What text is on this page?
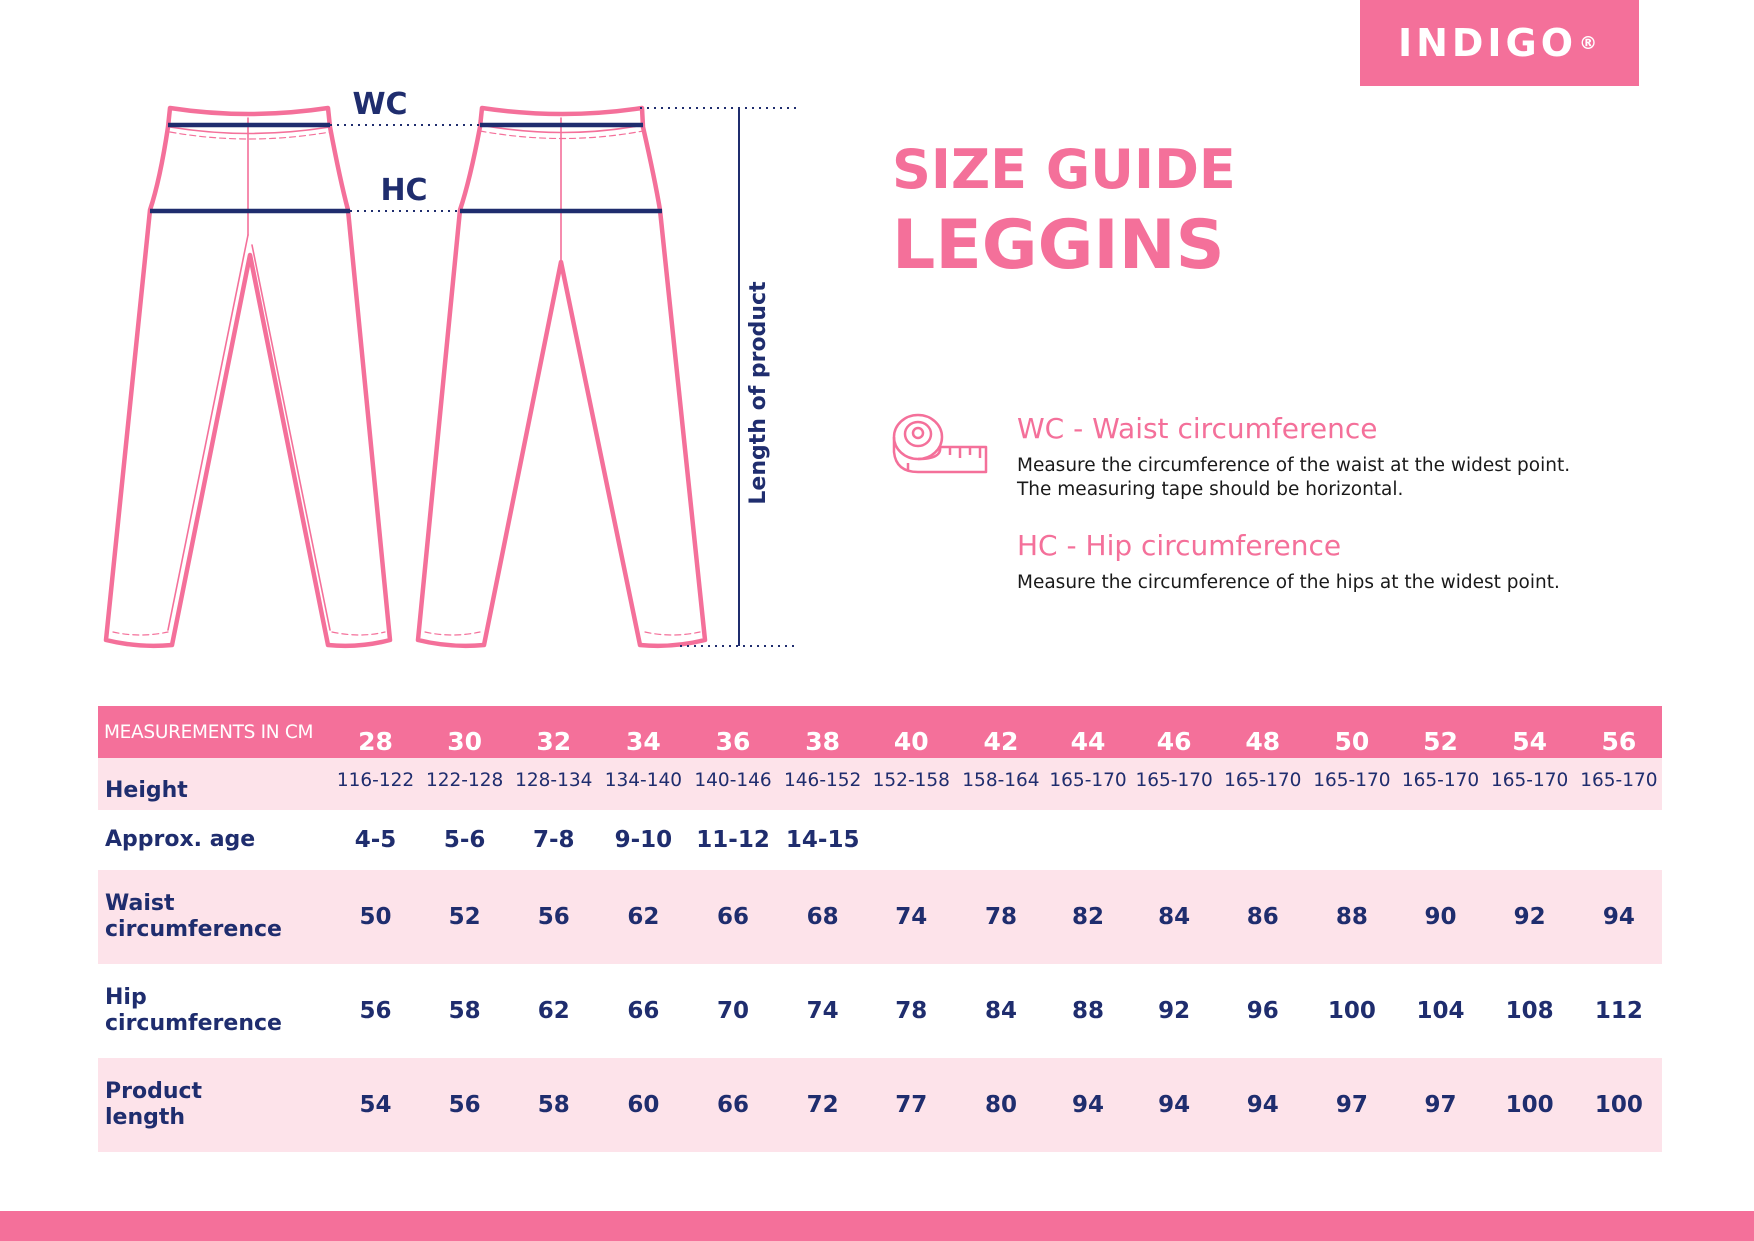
INDIGO ®
WC
HC
Length of product
SIZE GUIDE
LEGGINS
WC - Waist circumference

Measure the circumference of the waist at the widest point.

The measuring tape should be horizontal.

HC - Hip circumference

Measure the circumference of the hips at the widest point.

MEASUREMENTS IN CM	28	30	32	34	36	38	40	42	44	46	48	50	52	54	56
Height	116-122	122-128	128-134	134-140	140-146	146-152	152-158	158-164	165-170	165-170	165-170	165-170	165-170	165-170	165-170
Approx. age	4-5	5-6	7-8	9-10	11-12	14-15									
Waist
circumference	50	52	56	62	66	68	74	78	82	84	86	88	90	92	94
Hip
circumference	56	58	62	66	70	74	78	84	88	92	96	100	104	108	112
Product
length	54	56	58	60	66	72	77	80	94	94	94	97	97	100	100
